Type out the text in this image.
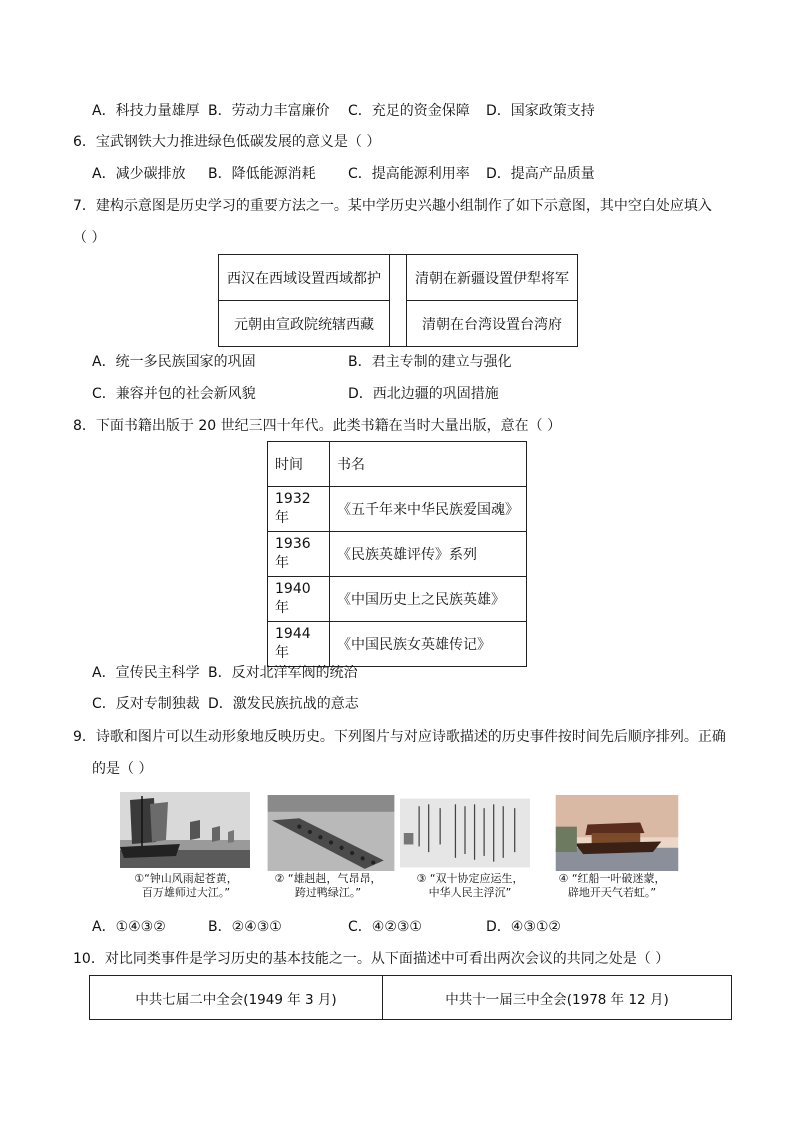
A．科技力量雄厚 B．劳动力丰富廉价 C．充足的资金保障 D．国家政策支持
6．宝武钢铁大力推进绿色低碳发展的意义是（ ）
A．减少碳排放 B．降低能源消耗 C．提高能源利用率 D．提高产品质量
7．建构示意图是历史学习的重要方法之一。某中学历史兴趣小组制作了如下示意图，其中空白处应填入
（ ）
西汉在西域设置西域都护		清朝在新疆设置伊犁将军
元朝由宣政院统辖西藏		清朝在台湾设置台湾府
A．统一多民族国家的巩固	B．君主专制的建立与强化
C．兼容并包的社会新风貌	D．西北边疆的巩固措施
8．下面书籍出版于 20 世纪三四十年代。此类书籍在当时大量出版，意在（ ）
时间	书名
1932 年	《五千年来中华民族爱国魂》
1936 年	《民族英雄评传》系列
1940 年	《中国历史上之民族英雄》
1944 年	《中国民族女英雄传记》
A．宣传民主科学 B．反对北洋军阀的统治
C．反对专制独裁 D．激发民族抗战的意志
9．诗歌和图片可以生动形象地反映历史。下列图片与对应诗歌描述的历史事件按时间先后顺序排列。正确
的是（ ）
①“钟山风雨起苍黄，
百万雄师过大江。”
② “雄赳赳，气昂昂，
跨过鸭绿江。”
③ “双十协定应运生，
中华人民主浮沉”
④ “红船一叶破迷蒙，
辟地开天气若虹。”
A．①④③②	B．②④③①	C．④②③①	D．④③①②
10．对比同类事件是学习历史的基本技能之一。从下面描述中可看出两次会议的共同之处是（ ）
中共七届二中全会(1949 年 3 月)	中共十一届三中全会(1978 年 12 月)
